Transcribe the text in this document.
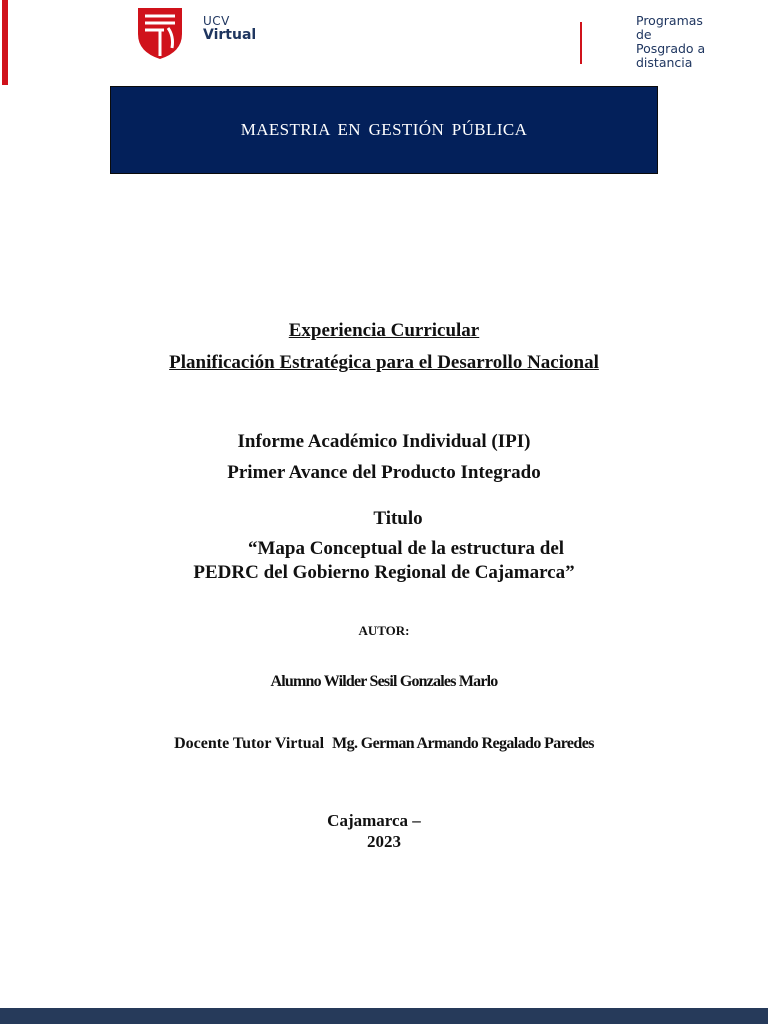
UCV
Virtual
Programas de Posgrado a distancia
MAESTRIA EN GESTIÓN PÚBLICA
Experiencia Curricular
Planificación Estratégica para el Desarrollo Nacional
Informe Académico Individual (IPI)
Primer Avance del Producto Integrado
Titulo
“Mapa Conceptual de la estructura del
PEDRC del Gobierno Regional de Cajamarca”
AUTOR:
Alumno Wilder Sesil Gonzales Marlo
Docente Tutor Virtual Mg. German Armando Regalado Paredes
Cajamarca –
2023
